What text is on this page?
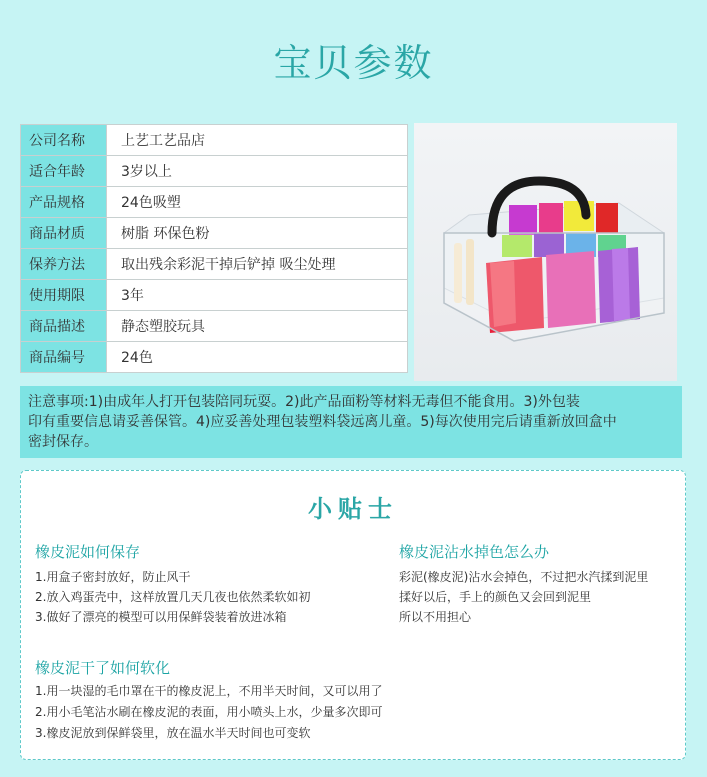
宝贝参数
公司名称	上艺工艺品店
适合年龄	3岁以上
产品规格	24色吸塑
商品材质	树脂 环保色粉
保养方法	取出残余彩泥干掉后铲掉 吸尘处理
使用期限	3年
商品描述	静态塑胶玩具
商品编号	24色
注意事项:1)由成年人打开包装陪同玩耍。2)此产品面粉等材料无毒但不能食用。3)外包装
印有重要信息请妥善保管。4)应妥善处理包装塑料袋远离儿童。5)每次使用完后请重新放回盒中
密封保存。
小贴士
橡皮泥如何保存
1.用盒子密封放好，防止风干
2.放入鸡蛋壳中，这样放置几天几夜也依然柔软如初
3.做好了漂亮的模型可以用保鲜袋装着放进冰箱
橡皮泥沾水掉色怎么办
彩泥(橡皮泥)沾水会掉色，不过把水汽揉到泥里
揉好以后，手上的颜色又会回到泥里
所以不用担心
橡皮泥干了如何软化
1.用一块湿的毛巾罩在干的橡皮泥上，不用半天时间，又可以用了
2.用小毛笔沾水刷在橡皮泥的表面，用小喷头上水，少量多次即可
3.橡皮泥放到保鲜袋里，放在温水半天时间也可变软
